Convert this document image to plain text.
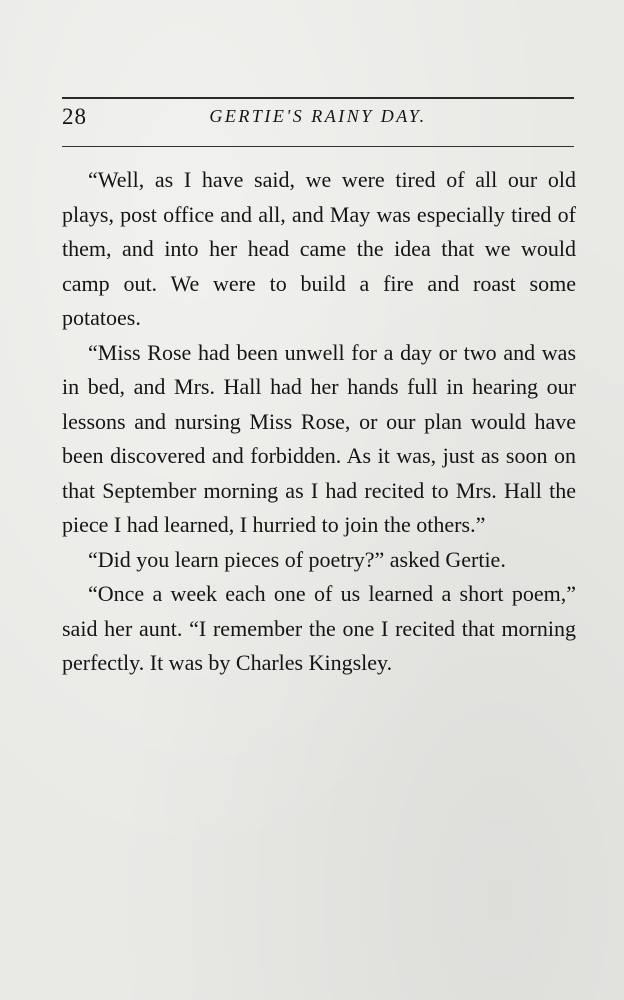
28	GERTIE'S RAINY DAY.

“Well, as I have said, we were tired of all our old plays, post office and all, and May was especially tired of them, and into her head came the idea that we would camp out. We were to build a fire and roast some potatoes.

“Miss Rose had been unwell for a day or two and was in bed, and Mrs. Hall had her hands full in hearing our lessons and nursing Miss Rose, or our plan would have been discovered and forbidden. As it was, just as soon on that September morning as I had recited to Mrs. Hall the piece I had learned, I hurried to join the others.”

“Did you learn pieces of poetry?” asked Gertie.

“Once a week each one of us learned a short poem,” said her aunt. “I remember the one I recited that morning perfectly. It was by Charles Kingsley.
